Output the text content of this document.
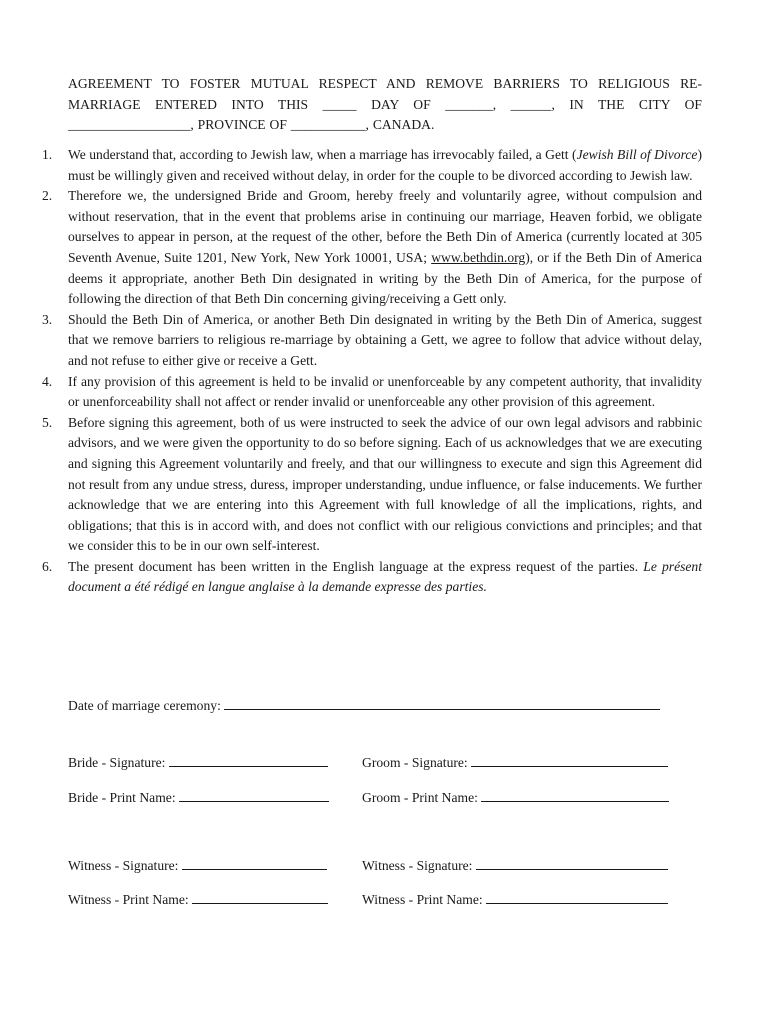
AGREEMENT TO FOSTER MUTUAL RESPECT AND REMOVE BARRIERS TO RELIGIOUS RE-
MARRIAGE ENTERED INTO THIS _____ DAY OF _______, ______, IN THE CITY OF
__________________, PROVINCE OF ___________, CANADA.
1.	We understand that, according to Jewish law, when a marriage has irrevocably failed, a Gett (Jewish Bill of Divorce) must be willingly given and received without delay, in order for the couple to be divorced according to Jewish law.
2.	Therefore we, the undersigned Bride and Groom, hereby freely and voluntarily agree, without compulsion and without reservation, that in the event that problems arise in continuing our marriage, Heaven forbid, we obligate ourselves to appear in person, at the request of the other, before the Beth Din of America (currently located at 305 Seventh Avenue, Suite 1201, New York, New York 10001, USA; www.bethdin.org), or if the Beth Din of America deems it appropriate, another Beth Din designated in writing by the Beth Din of America, for the purpose of following the direction of that Beth Din concerning giving/receiving a Gett only.
3.	Should the Beth Din of America, or another Beth Din designated in writing by the Beth Din of America, suggest that we remove barriers to religious re-marriage by obtaining a Gett, we agree to follow that advice without delay, and not refuse to either give or receive a Gett.
4.	If any provision of this agreement is held to be invalid or unenforceable by any competent authority, that invalidity or unenforceability shall not affect or render invalid or unenforceable any other provision of this agreement.
5.	Before signing this agreement, both of us were instructed to seek the advice of our own legal advisors and rabbinic advisors, and we were given the opportunity to do so before signing. Each of us acknowledges that we are executing and signing this Agreement voluntarily and freely, and that our willingness to execute and sign this Agreement did not result from any undue stress, duress, improper understanding, undue influence, or false inducements. We further acknowledge that we are entering into this Agreement with full knowledge of all the implications, rights, and obligations; that this is in accord with, and does not conflict with our religious convictions and principles; and that we consider this to be in our own self-interest.
6.	The present document has been written in the English language at the express request of the parties. Le présent document a été rédigé en langue anglaise à la demande expresse des parties.
Date of marriage ceremony:
Bride - Signature:	Groom - Signature:
Bride - Print Name:	Groom - Print Name:
Witness - Signature:	Witness - Signature:
Witness - Print Name:	Witness - Print Name:
